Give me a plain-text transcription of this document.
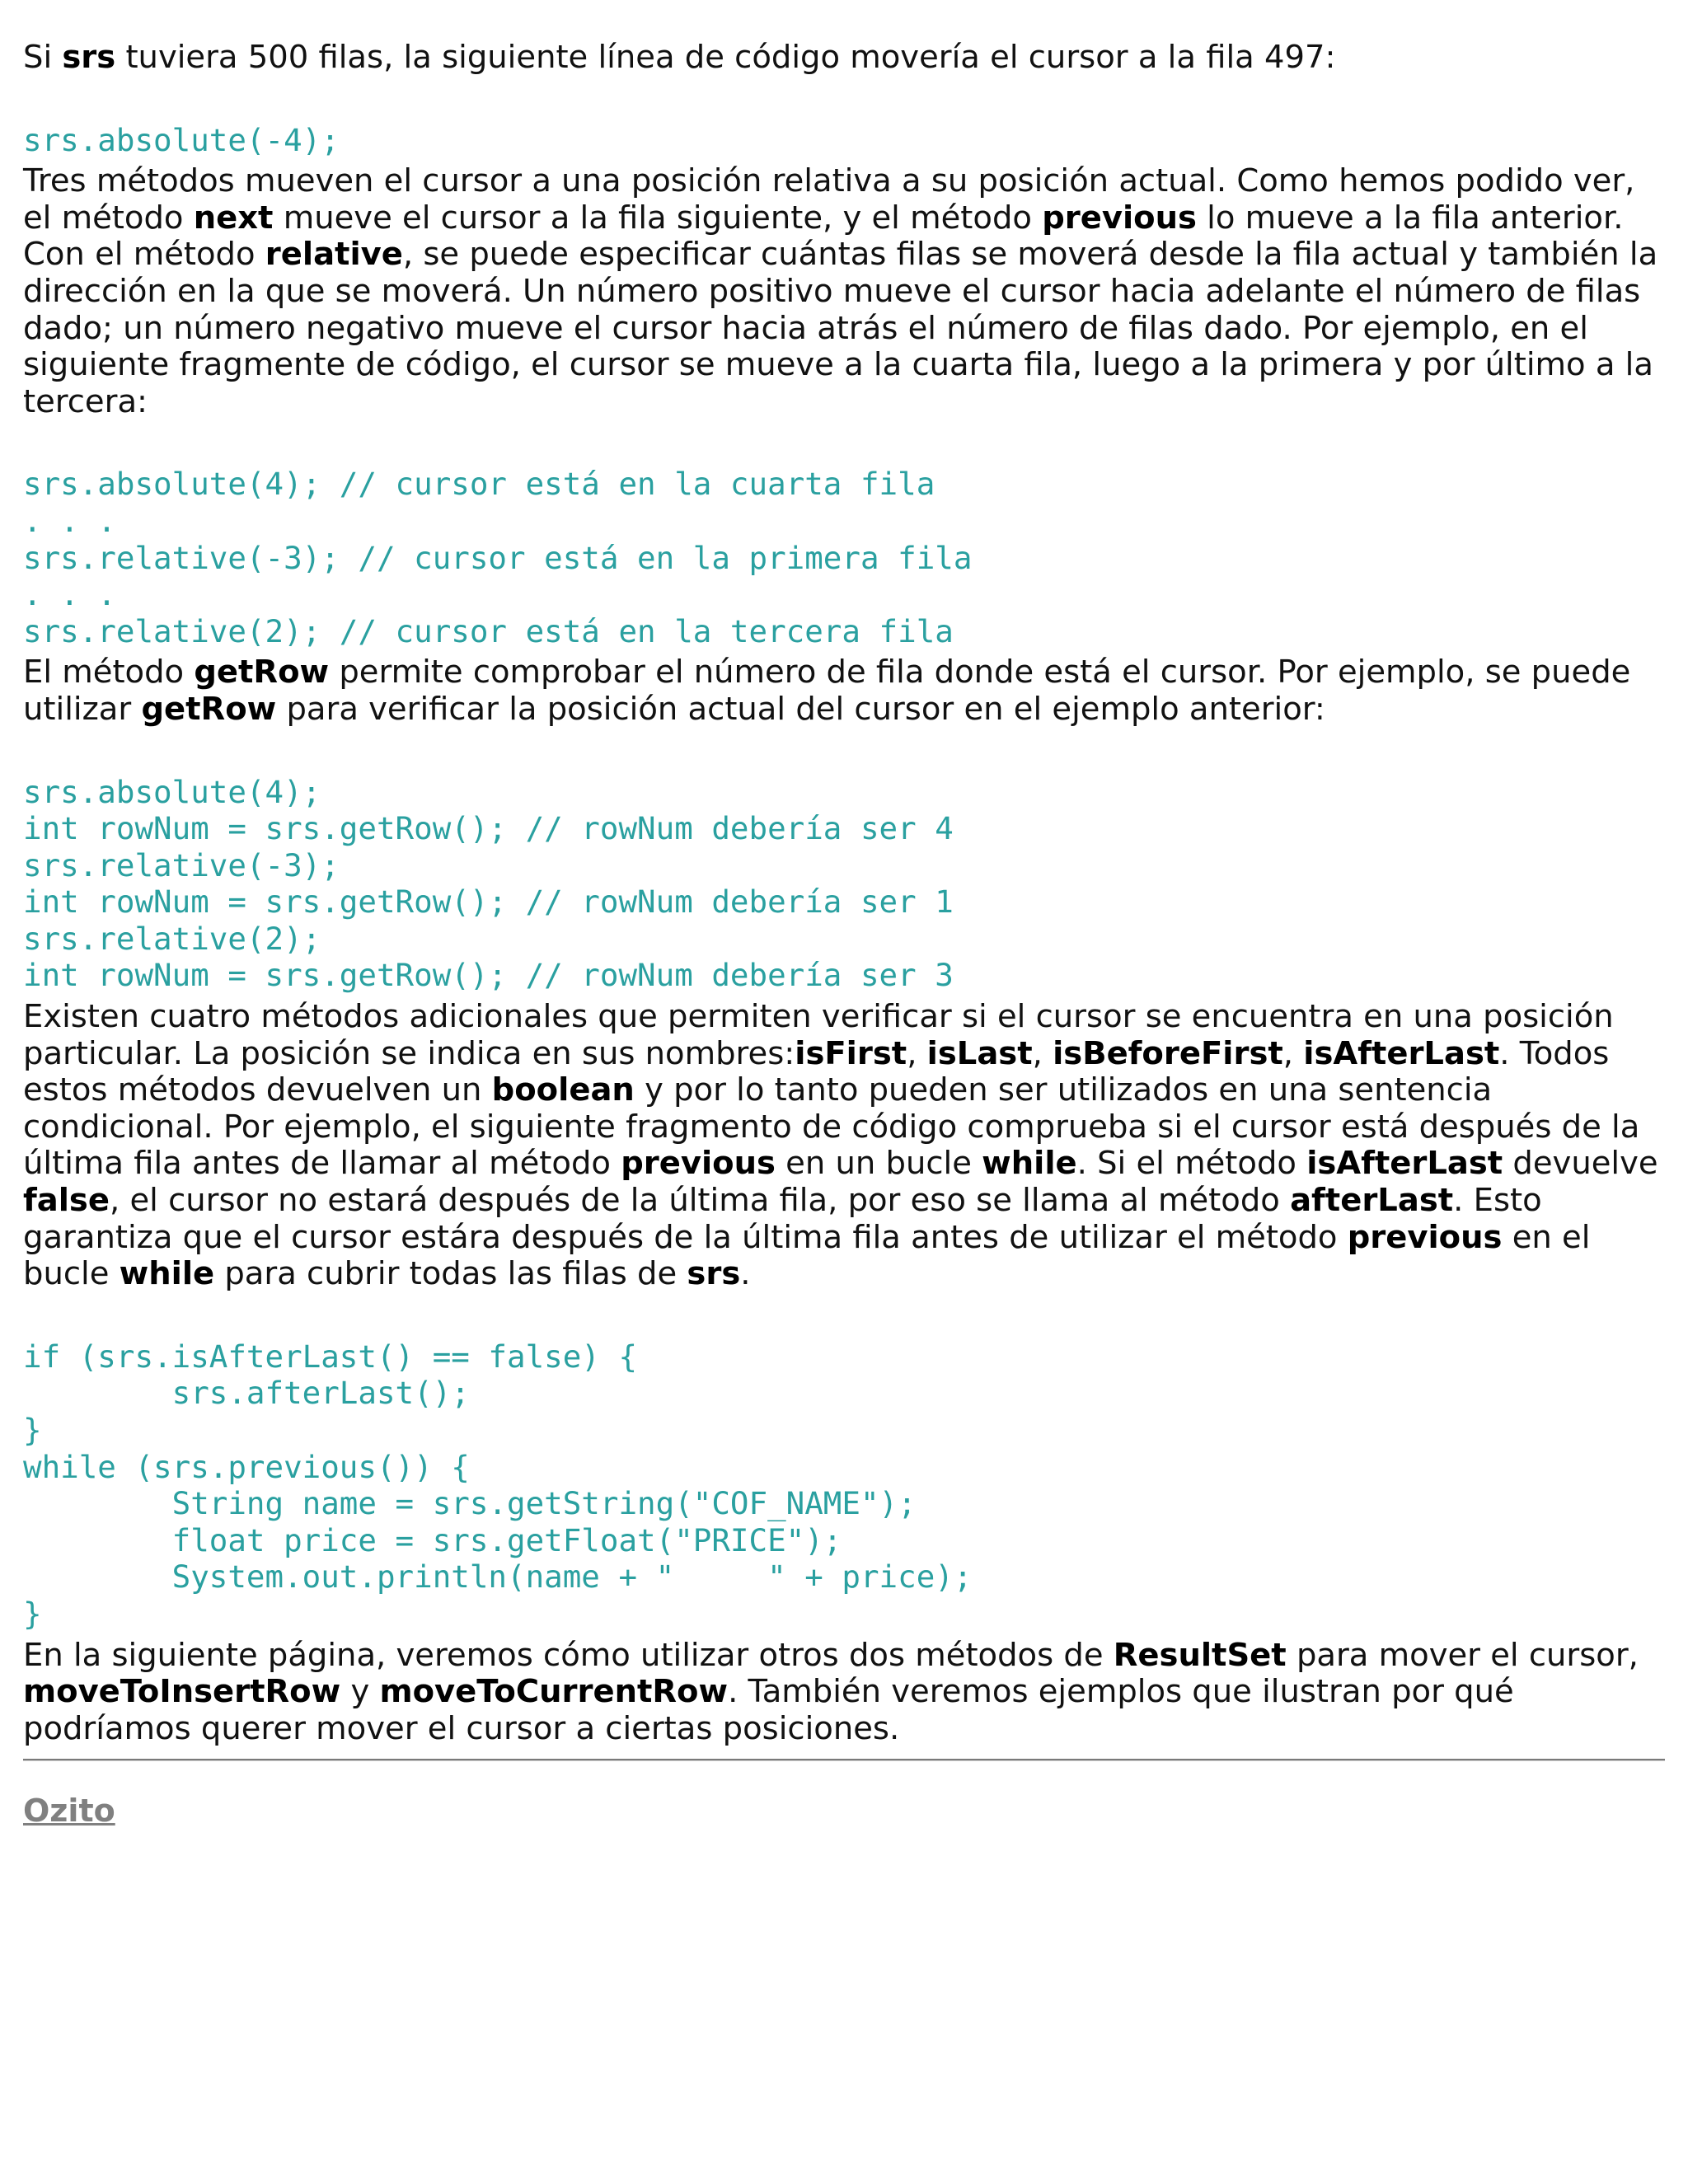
Si srs tuviera 500 filas, la siguiente línea de código movería el cursor a la fila 497:

srs.absolute(-4);

Tres métodos mueven el cursor a una posición relativa a su posición actual. Como hemos podido ver, el método next mueve el cursor a la fila siguiente, y el método previous lo mueve a la fila anterior. Con el método relative, se puede especificar cuántas filas se moverá desde la fila actual y también la dirección en la que se moverá. Un número positivo mueve el cursor hacia adelante el número de filas dado; un número negativo mueve el cursor hacia atrás el número de filas dado. Por ejemplo, en el siguiente fragmente de código, el cursor se mueve a la cuarta fila, luego a la primera y por último a la tercera:

srs.absolute(4); // cursor está en la cuarta fila
. . .
srs.relative(-3); // cursor está en la primera fila
. . .
srs.relative(2); // cursor está en la tercera fila

El método getRow permite comprobar el número de fila donde está el cursor. Por ejemplo, se puede utilizar getRow para verificar la posición actual del cursor en el ejemplo anterior:

srs.absolute(4);
int rowNum = srs.getRow(); // rowNum debería ser 4
srs.relative(-3);
int rowNum = srs.getRow(); // rowNum debería ser 1
srs.relative(2);
int rowNum = srs.getRow(); // rowNum debería ser 3

Existen cuatro métodos adicionales que permiten verificar si el cursor se encuentra en una posición particular. La posición se indica en sus nombres:isFirst, isLast, isBeforeFirst, isAfterLast. Todos estos métodos devuelven un boolean y por lo tanto pueden ser utilizados en una sentencia condicional. Por ejemplo, el siguiente fragmento de código comprueba si el cursor está después de la última fila antes de llamar al método previous en un bucle while. Si el método isAfterLast devuelve false, el cursor no estará después de la última fila, por eso se llama al método afterLast. Esto garantiza que el cursor estára después de la última fila antes de utilizar el método previous en el bucle while para cubrir todas las filas de srs.

if (srs.isAfterLast() == false) {
srs.afterLast();
}
while (srs.previous()) {
String name = srs.getString("COF_NAME");
float price = srs.getFloat("PRICE");
System.out.println(name + "     " + price);
}

En la siguiente página, veremos cómo utilizar otros dos métodos de ResultSet para mover el cursor, moveToInsertRow y moveToCurrentRow. También veremos ejemplos que ilustran por qué podríamos querer mover el cursor a ciertas posiciones.

Ozito
